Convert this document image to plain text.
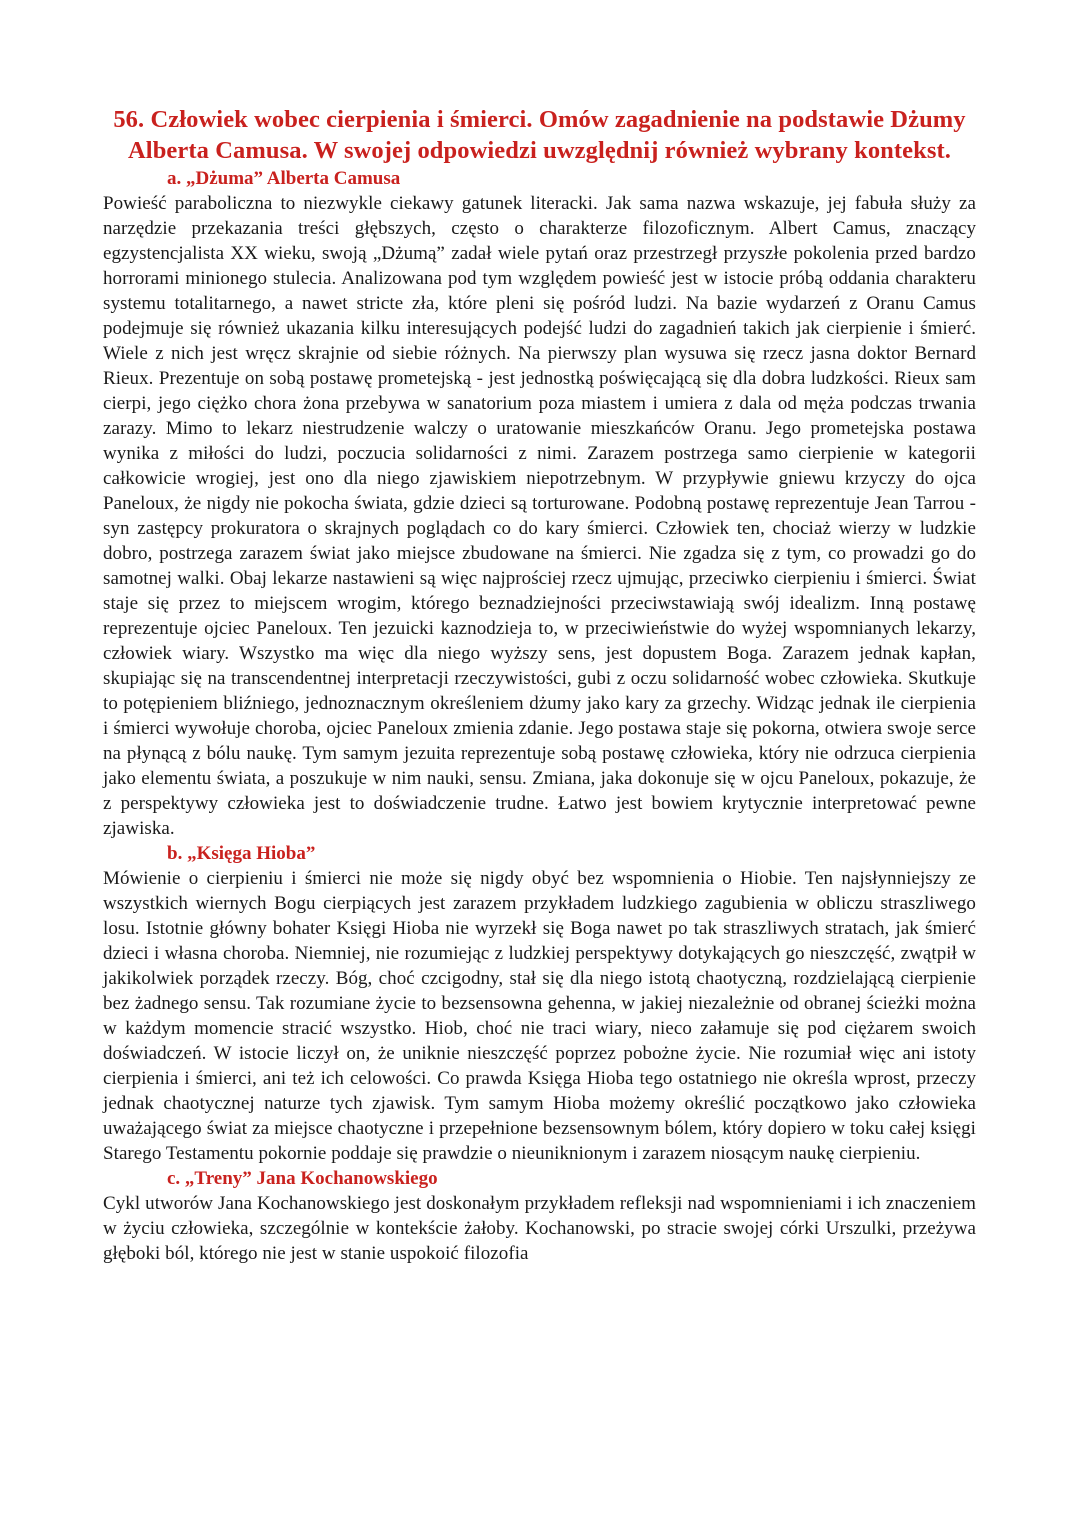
56. Człowiek wobec cierpienia i śmierci. Omów zagadnienie na podstawie Dżumy Alberta Camusa. W swojej odpowiedzi uwzględnij również wybrany kontekst.
a. „Dżuma” Alberta Camusa

Powieść paraboliczna to niezwykle ciekawy gatunek literacki. Jak sama nazwa wskazuje, jej fabuła służy za narzędzie przekazania treści głębszych, często o charakterze filozoficznym. Albert Camus, znaczący egzystencjalista XX wieku, swoją „Dżumą” zadał wiele pytań oraz przestrzegł przyszłe pokolenia przed bardzo horrorami minionego stulecia. Analizowana pod tym względem powieść jest w istocie próbą oddania charakteru systemu totalitarnego, a nawet stricte zła, które pleni się pośród ludzi. Na bazie wydarzeń z Oranu Camus podejmuje się również ukazania kilku interesujących podejść ludzi do zagadnień takich jak cierpienie i śmierć. Wiele z nich jest wręcz skrajnie od siebie różnych. Na pierwszy plan wysuwa się rzecz jasna doktor Bernard Rieux. Prezentuje on sobą postawę prometejską - jest jednostką poświęcającą się dla dobra ludzkości. Rieux sam cierpi, jego ciężko chora żona przebywa w sanatorium poza miastem i umiera z dala od męża podczas trwania zarazy. Mimo to lekarz niestrudzenie walczy o uratowanie mieszkańców Oranu. Jego prometejska postawa wynika z miłości do ludzi, poczucia solidarności z nimi. Zarazem postrzega samo cierpienie w kategorii całkowicie wrogiej, jest ono dla niego zjawiskiem niepotrzebnym. W przypływie gniewu krzyczy do ojca Paneloux, że nigdy nie pokocha świata, gdzie dzieci są torturowane. Podobną postawę reprezentuje Jean Tarrou - syn zastępcy prokuratora o skrajnych poglądach co do kary śmierci. Człowiek ten, chociaż wierzy w ludzkie dobro, postrzega zarazem świat jako miejsce zbudowane na śmierci. Nie zgadza się z tym, co prowadzi go do samotnej walki. Obaj lekarze nastawieni są więc najprościej rzecz ujmując, przeciwko cierpieniu i śmierci. Świat staje się przez to miejscem wrogim, którego beznadziejności przeciwstawiają swój idealizm. Inną postawę reprezentuje ojciec Paneloux. Ten jezuicki kaznodzieja to, w przeciwieństwie do wyżej wspomnianych lekarzy, człowiek wiary. Wszystko ma więc dla niego wyższy sens, jest dopustem Boga. Zarazem jednak kapłan, skupiając się na transcendentnej interpretacji rzeczywistości, gubi z oczu solidarność wobec człowieka. Skutkuje to potępieniem bliźniego, jednoznacznym określeniem dżumy jako kary za grzechy. Widząc jednak ile cierpienia i śmierci wywołuje choroba, ojciec Paneloux zmienia zdanie. Jego postawa staje się pokorna, otwiera swoje serce na płynącą z bólu naukę. Tym samym jezuita reprezentuje sobą postawę człowieka, który nie odrzuca cierpienia jako elementu świata, a poszukuje w nim nauki, sensu. Zmiana, jaka dokonuje się w ojcu Paneloux, pokazuje, że z perspektywy człowieka jest to doświadczenie trudne. Łatwo jest bowiem krytycznie interpretować pewne zjawiska.

b. „Księga Hioba”

Mówienie o cierpieniu i śmierci nie może się nigdy obyć bez wspomnienia o Hiobie. Ten najsłynniejszy ze wszystkich wiernych Bogu cierpiących jest zarazem przykładem ludzkiego zagubienia w obliczu straszliwego losu. Istotnie główny bohater Księgi Hioba nie wyrzekł się Boga nawet po tak straszliwych stratach, jak śmierć dzieci i własna choroba. Niemniej, nie rozumiejąc z ludzkiej perspektywy dotykających go nieszczęść, zwątpił w jakikolwiek porządek rzeczy. Bóg, choć czcigodny, stał się dla niego istotą chaotyczną, rozdzielającą cierpienie bez żadnego sensu. Tak rozumiane życie to bezsensowna gehenna, w jakiej niezależnie od obranej ścieżki można w każdym momencie stracić wszystko. Hiob, choć nie traci wiary, nieco załamuje się pod ciężarem swoich doświadczeń. W istocie liczył on, że uniknie nieszczęść poprzez pobożne życie. Nie rozumiał więc ani istoty cierpienia i śmierci, ani też ich celowości. Co prawda Księga Hioba tego ostatniego nie określa wprost, przeczy jednak chaotycznej naturze tych zjawisk. Tym samym Hioba możemy określić początkowo jako człowieka uważającego świat za miejsce chaotyczne i przepełnione bezsensownym bólem, który dopiero w toku całej księgi Starego Testamentu pokornie poddaje się prawdzie o nieuniknionym i zarazem niosącym naukę cierpieniu.

c. „Treny” Jana Kochanowskiego

Cykl utworów Jana Kochanowskiego jest doskonałym przykładem refleksji nad wspomnieniami i ich znaczeniem w życiu człowieka, szczególnie w kontekście żałoby. Kochanowski, po stracie swojej córki Urszulki, przeżywa głęboki ból, którego nie jest w stanie uspokoić filozofia
